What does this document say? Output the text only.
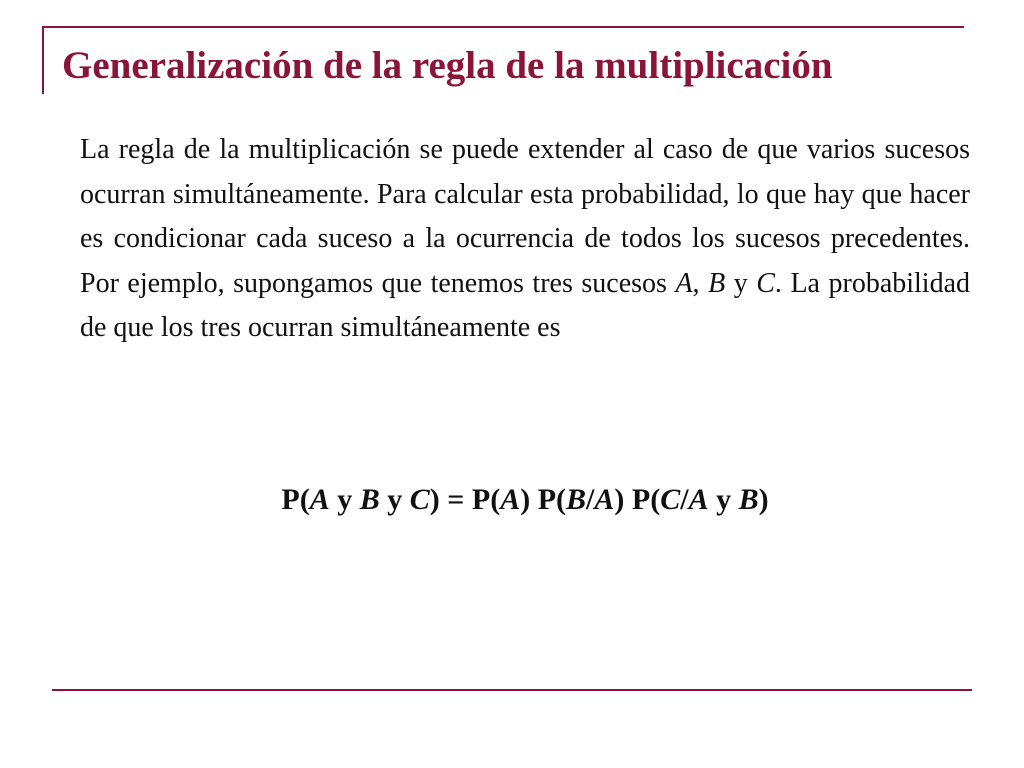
Generalización de la regla de la multiplicación

La regla de la multiplicación se puede extender al caso de que varios sucesos ocurran simultáneamente. Para calcular esta probabilidad, lo que hay que hacer es condicionar cada suceso a la ocurrencia de todos los sucesos precedentes. Por ejemplo, supongamos que tenemos tres sucesos A, B y C. La probabilidad de que los tres ocurran simultáneamente es

P(A y B y C) = P(A) P(B/A) P(C/A y B)
